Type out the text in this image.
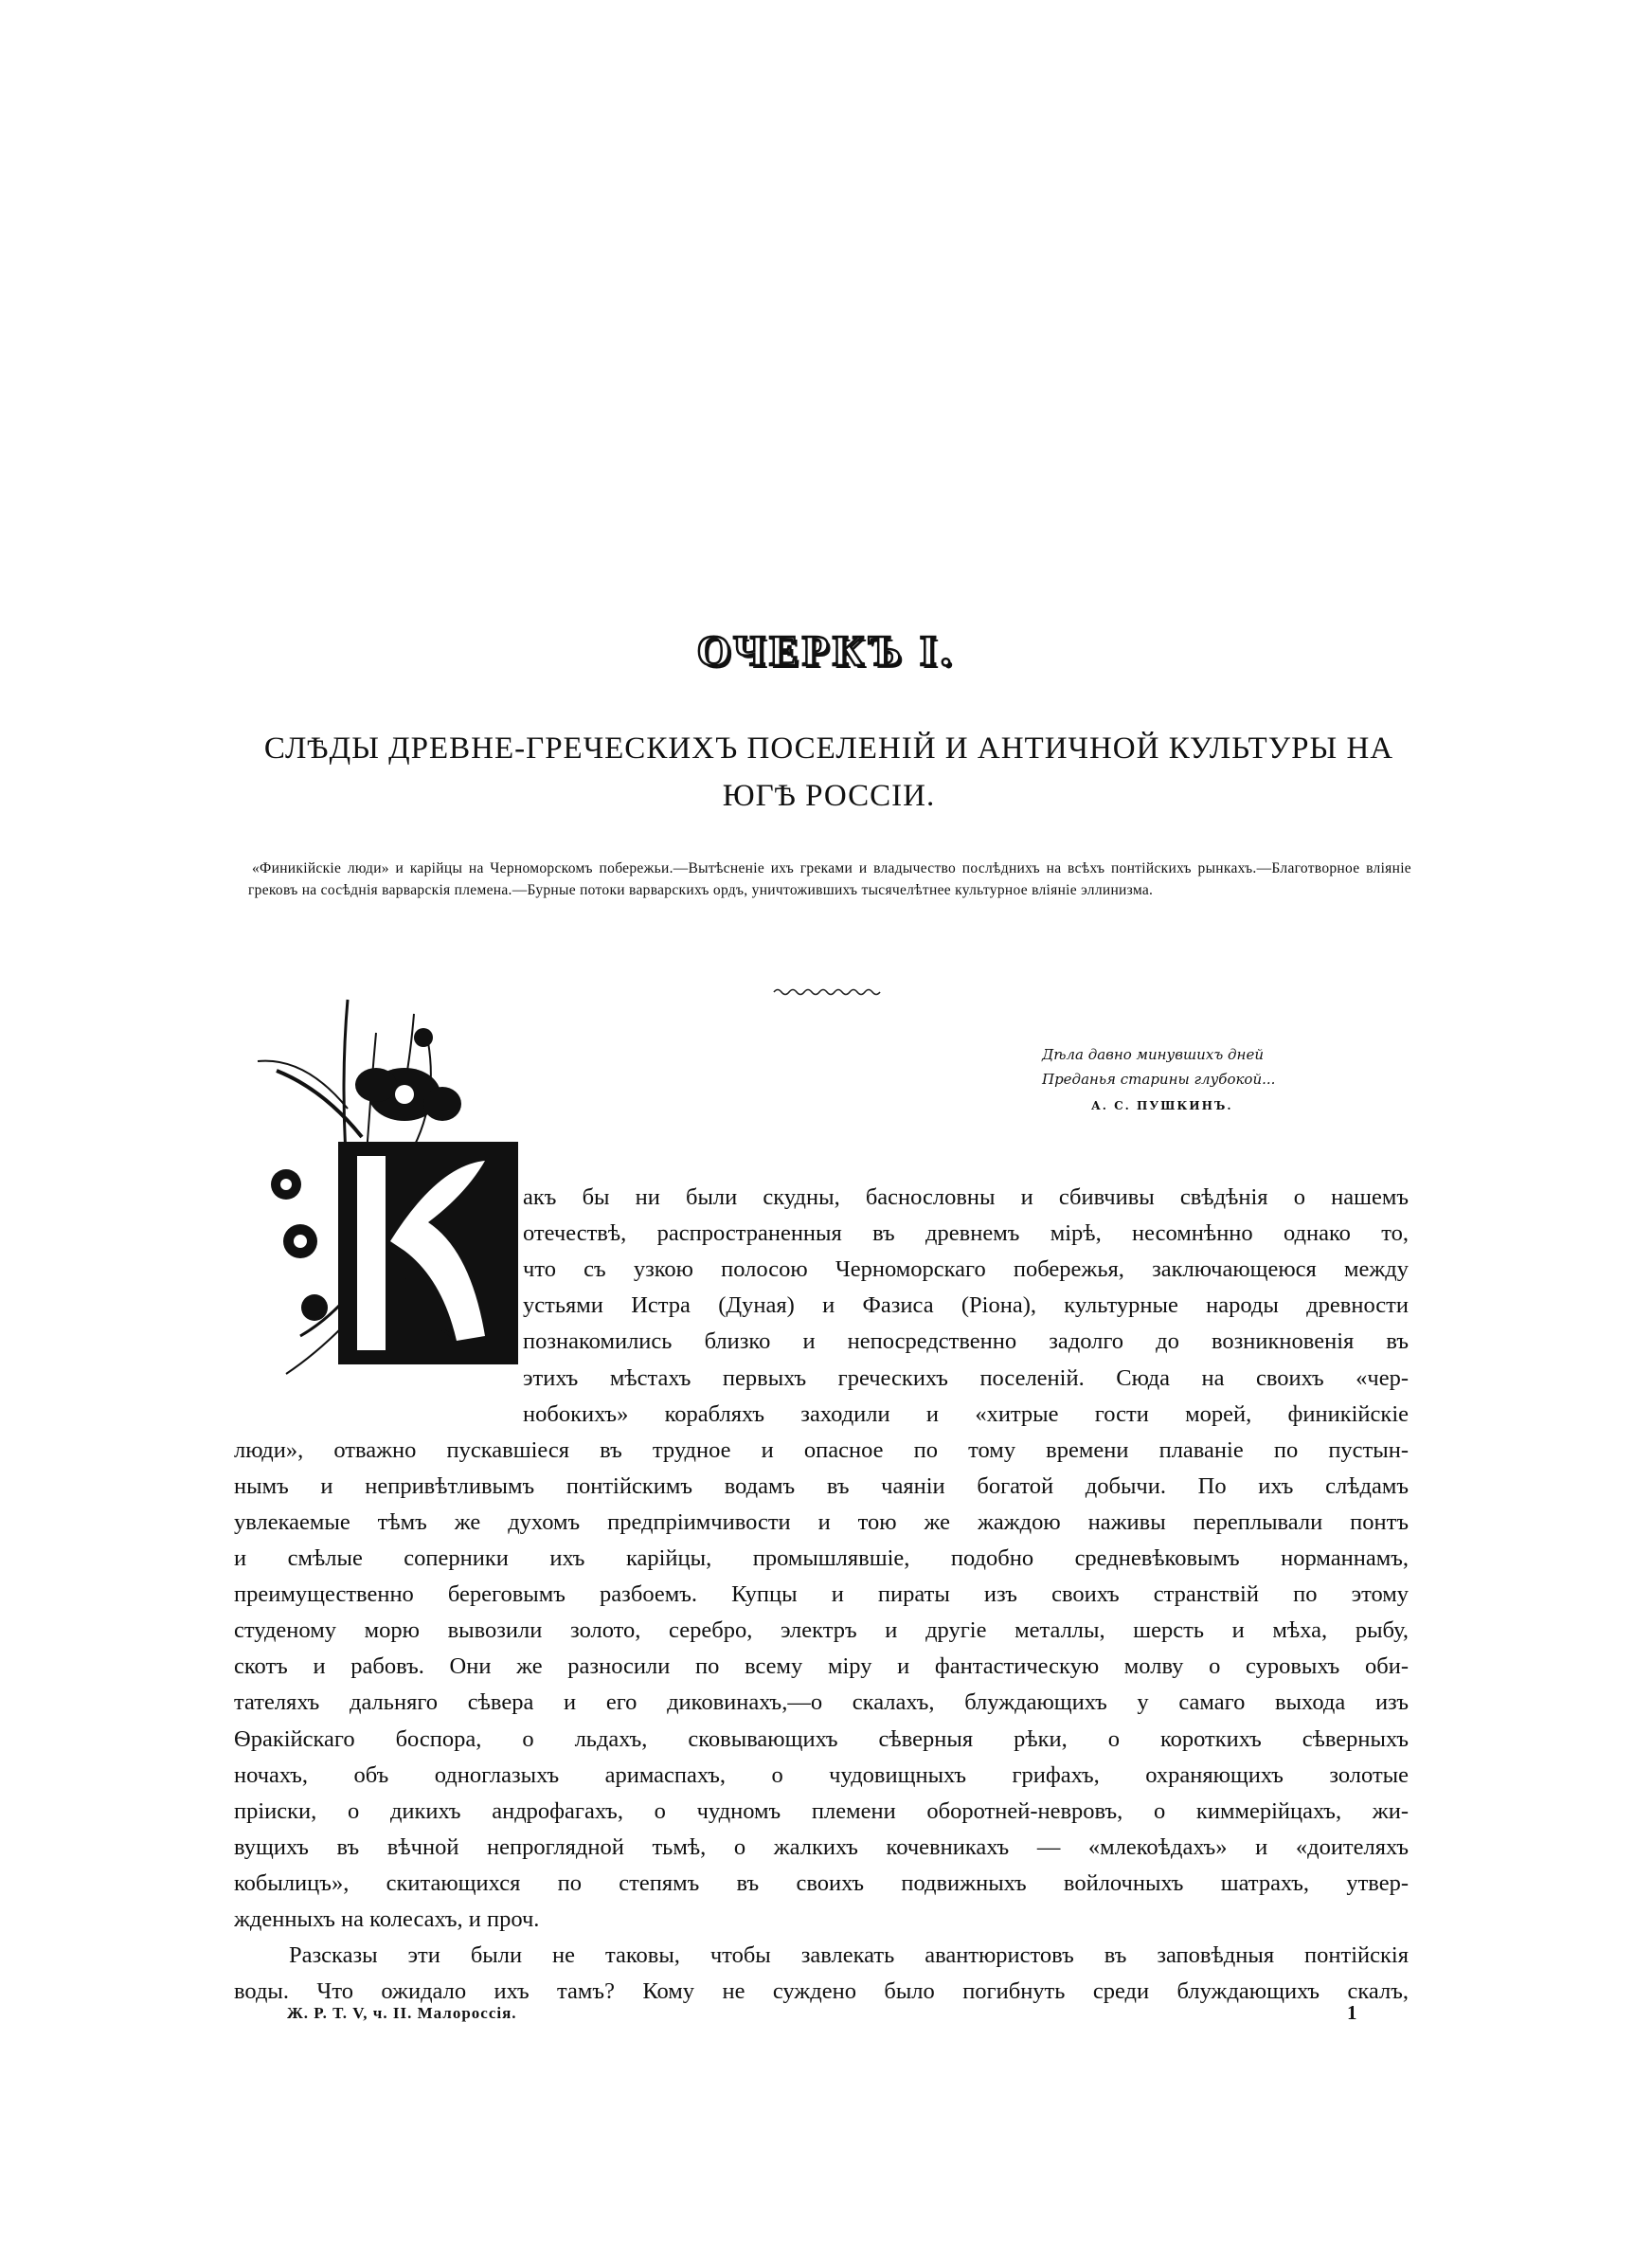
ОЧЕРКЪ I.
СЛѢДЫ ДРЕВНЕ-ГРЕЧЕСКИХЪ ПОСЕЛЕНІЙ И АНТИЧНОЙ КУЛЬТУРЫ НА
ЮГѢ РОССІИ.
«Финикійскіе люди» и карійцы на Черноморскомъ побережьи.—Вытѣсненіе ихъ греками и владычество послѣднихъ на всѣхъ понтійскихъ рынкахъ.—Благотворное вліяніе грековъ на сосѣднія варварскія племена.—Бурные потоки варварскихъ ордъ, уничтожившихъ тысячелѣтнее культурное вліяніе эллинизма.
Дѣла давно минувшихъ дней
Преданья старины глубокой...
А. С. ПУШКИНЪ.
акъ бы ни были скудны, баснословны и сбивчивы свѣдѣнія о нашемъ
отечествѣ, распространенныя въ древнемъ мірѣ, несомнѣнно однако то,
что съ узкою полосою Черноморскаго побережья, заключающеюся между
устьями Истра (Дуная) и Фазиса (Ріона), культурные народы древности
познакомились близко и непосредственно задолго до возникновенія въ
этихъ мѣстахъ первыхъ греческихъ поселеній. Сюда на своихъ «чер-
нобокихъ» корабляхъ заходили и «хитрые гости морей, финикійскіе
люди», отважно пускавшіеся въ трудное и опасное по тому времени плаваніе по пустын-
нымъ и непривѣтливымъ понтійскимъ водамъ въ чаяніи богатой добычи. По ихъ слѣдамъ
увлекаемые тѣмъ же духомъ предпріимчивости и тою же жаждою наживы переплывали понтъ
и смѣлые соперники ихъ карійцы, промышлявшіе, подобно средневѣковымъ норманнамъ,
преимущественно береговымъ разбоемъ. Купцы и пираты изъ своихъ странствій по этому
студеному морю вывозили золото, серебро, электръ и другіе металлы, шерсть и мѣха, рыбу,
скотъ и рабовъ. Они же разносили по всему міру и фантастическую молву о суровыхъ оби-
тателяхъ дальняго сѣвера и его диковинахъ,—о скалахъ, блуждающихъ у самаго выхода изъ
Ѳракійскаго боспора, о льдахъ, сковывающихъ сѣверныя рѣки, о короткихъ сѣверныхъ
ночахъ, объ одноглазыхъ аримаспахъ, о чудовищныхъ грифахъ, охраняющихъ золотые
пріиски, о дикихъ андрофагахъ, о чудномъ племени оборотней-невровъ, о киммерійцахъ, жи-
вущихъ въ вѣчной непроглядной тьмѣ, о жалкихъ кочевникахъ — «млекоѣдахъ» и «доителяхъ
кобылицъ», скитающихся по степямъ въ своихъ подвижныхъ войлочныхъ шатрахъ, утвер-
жденныхъ на колесахъ, и проч.
Разсказы эти были не таковы, чтобы завлекать авантюристовъ въ заповѣдныя понтійскія
воды. Что ожидало ихъ тамъ? Кому не суждено было погибнуть среди блуждающихъ скалъ,
Ж. Р. Т. V, ч. II. Малороссія.	1
